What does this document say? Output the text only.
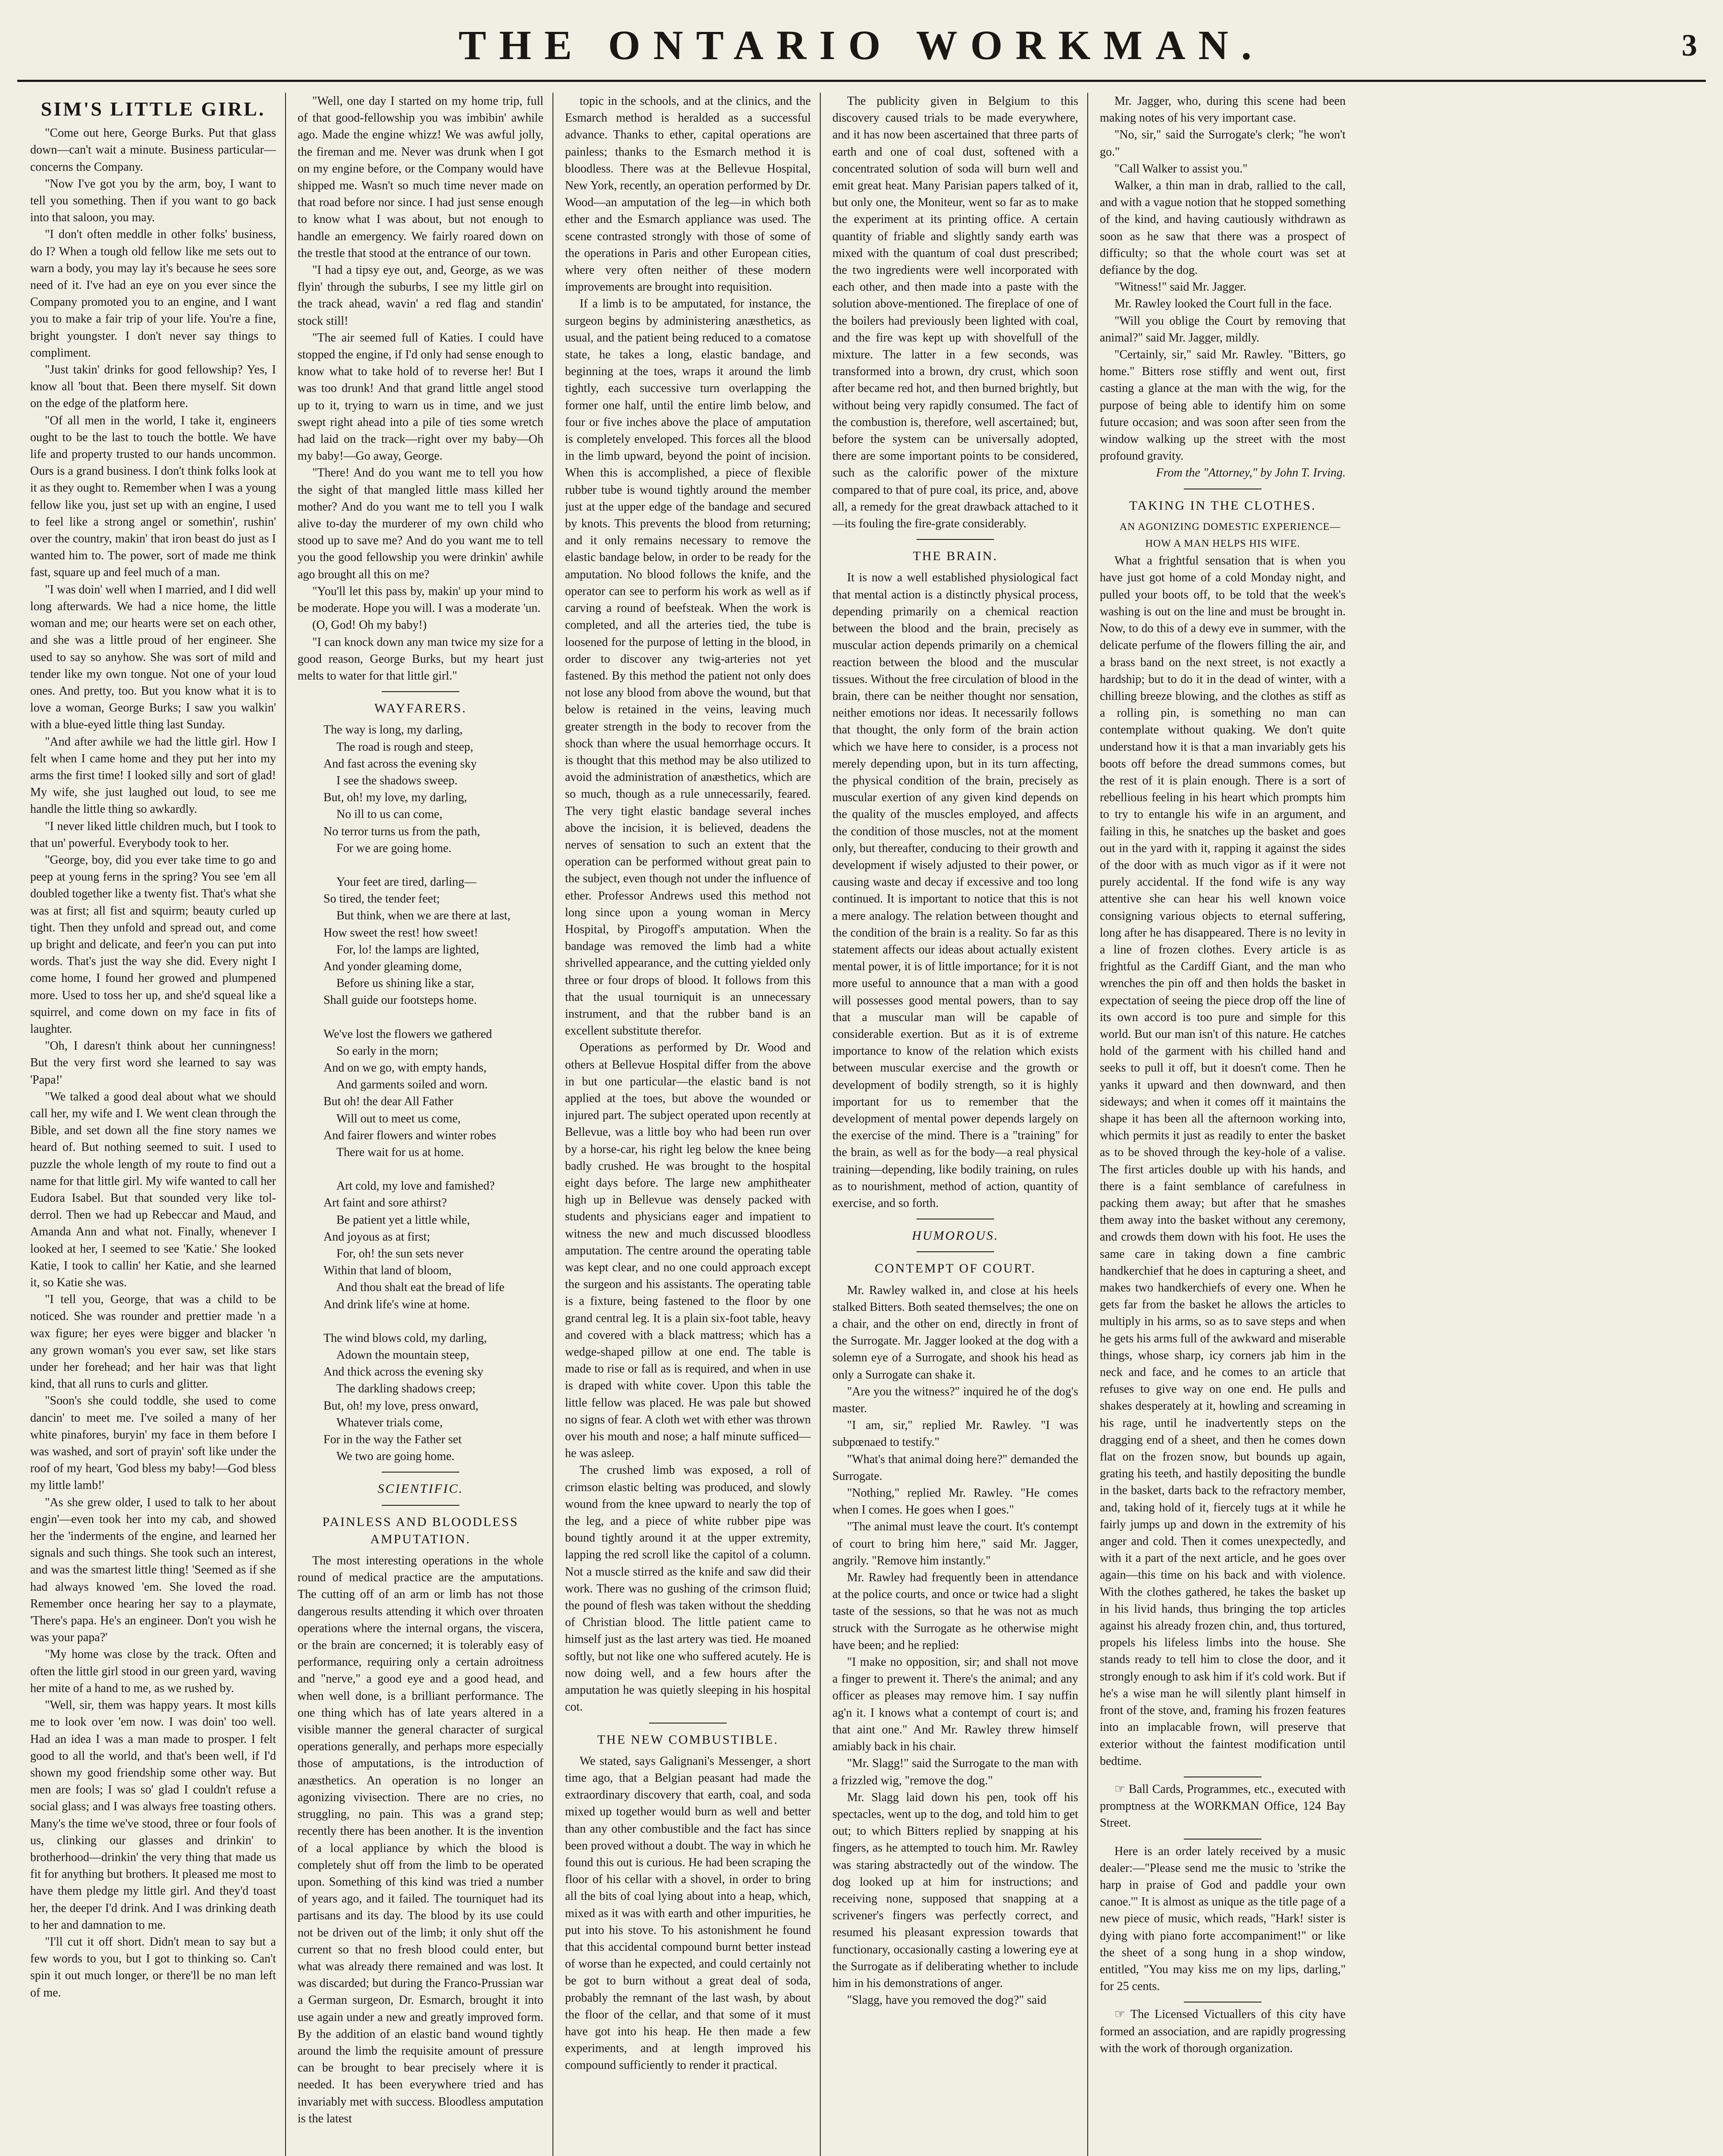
THE ONTARIO WORKMAN.	3

SIM'S LITTLE GIRL.

"Come out here, George Burks. Put that glass down—can't wait a minute. Business particular—concerns the Company.

"Now I've got you by the arm, boy, I want to tell you something. Then if you want to go back into that saloon, you may.

"I don't often meddle in other folks' business, do I? When a tough old fellow like me sets out to warn a body, you may lay it's because he sees sore need of it. I've had an eye on you ever since the Company promoted you to an engine, and I want you to make a fair trip of your life. You're a fine, bright youngster. I don't never say things to compliment.

"Just takin' drinks for good fellowship? Yes, I know all 'bout that. Been there myself. Sit down on the edge of the platform here.

"Of all men in the world, I take it, engineers ought to be the last to touch the bottle. We have life and property trusted to our hands uncommon. Ours is a grand business. I don't think folks look at it as they ought to. Remember when I was a young fellow like you, just set up with an engine, I used to feel like a strong angel or somethin', rushin' over the country, makin' that iron beast do just as I wanted him to. The power, sort of made me think fast, square up and feel much of a man.

"I was doin' well when I married, and I did well long afterwards. We had a nice home, the little woman and me; our hearts were set on each other, and she was a little proud of her engineer. She used to say so anyhow. She was sort of mild and tender like my own tongue. Not one of your loud ones. And pretty, too. But you know what it is to love a woman, George Burks; I saw you walkin' with a blue-eyed little thing last Sunday.

"And after awhile we had the little girl. How I felt when I came home and they put her into my arms the first time! I looked silly and sort of glad! My wife, she just laughed out loud, to see me handle the little thing so awkardly.

"I never liked little children much, but I took to that un' powerful. Everybody took to her.

"George, boy, did you ever take time to go and peep at young ferns in the spring? You see 'em all doubled together like a twenty fist. That's what she was at first; all fist and squirm; beauty curled up tight. Then they unfold and spread out, and come up bright and delicate, and feer'n you can put into words. That's just the way she did. Every night I come home, I found her growed and plumpened more. Used to toss her up, and she'd squeal like a squirrel, and come down on my face in fits of laughter.

"Oh, I daresn't think about her cunningness! But the very first word she learned to say was 'Papa!'

"We talked a good deal about what we should call her, my wife and I. We went clean through the Bible, and set down all the fine story names we heard of. But nothing seemed to suit. I used to puzzle the whole length of my route to find out a name for that little girl. My wife wanted to call her Eudora Isabel. But that sounded very like tol-derrol. Then we had up Rebeccar and Maud, and Amanda Ann and what not. Finally, whenever I looked at her, I seemed to see 'Katie.' She looked Katie, I took to callin' her Katie, and she learned it, so Katie she was.

"I tell you, George, that was a child to be noticed. She was rounder and prettier made 'n a wax figure; her eyes were bigger and blacker 'n any grown woman's you ever saw, set like stars under her forehead; and her hair was that light kind, that all runs to curls and glitter.

"Soon's she could toddle, she used to come dancin' to meet me. I've soiled a many of her white pinafores, buryin' my face in them before I was washed, and sort of prayin' soft like under the roof of my heart, 'God bless my baby!—God bless my little lamb!'

"As she grew older, I used to talk to her about engin'—even took her into my cab, and showed her the 'inderments of the engine, and learned her signals and such things. She took such an interest, and was the smartest little thing! 'Seemed as if she had always knowed 'em. She loved the road. Remember once hearing her say to a playmate, 'There's papa. He's an engineer. Don't you wish he was your papa?'

"My home was close by the track. Often and often the little girl stood in our green yard, waving her mite of a hand to me, as we rushed by.

"Well, sir, them was happy years. It most kills me to look over 'em now. I was doin' too well. Had an idea I was a man made to prosper. I felt good to all the world, and that's been well, if I'd shown my good friendship some other way. But men are fools; I was so' glad I couldn't refuse a social glass; and I was always free toasting others. Many's the time we've stood, three or four fools of us, clinking our glasses and drinkin' to brotherhood—drinkin' the very thing that made us fit for anything but brothers. It pleased me most to have them pledge my little girl. And they'd toast her, the deeper I'd drink. And I was drinking death to her and damnation to me.

"I'll cut it off short. Didn't mean to say but a few words to you, but I got to thinking so. Can't spin it out much longer, or there'll be no man left of me.

"Well, one day I started on my home trip, full of that good-fellowship you was imbibin' awhile ago. Made the engine whizz! We was awful jolly, the fireman and me. Never was drunk when I got on my engine before, or the Company would have shipped me. Wasn't so much time never made on that road before nor since. I had just sense enough to know what I was about, but not enough to handle an emergency. We fairly roared down on the trestle that stood at the entrance of our town.

"I had a tipsy eye out, and, George, as we was flyin' through the suburbs, I see my little girl on the track ahead, wavin' a red flag and standin' stock still!

"The air seemed full of Katies. I could have stopped the engine, if I'd only had sense enough to know what to take hold of to reverse her! But I was too drunk! And that grand little angel stood up to it, trying to warn us in time, and we just swept right ahead into a pile of ties some wretch had laid on the track—right over my baby—Oh my baby!—Go away, George.

"There! And do you want me to tell you how the sight of that mangled little mass killed her mother? And do you want me to tell you I walk alive to-day the murderer of my own child who stood up to save me? And do you want me to tell you the good fellowship you were drinkin' awhile ago brought all this on me?

"You'll let this pass by, makin' up your mind to be moderate. Hope you will. I was a moderate 'un.

(O, God! Oh my baby!)

"I can knock down any man twice my size for a good reason, George Burks, but my heart just melts to water for that little girl."

WAYFARERS.

The way is long, my darling,

The road is rough and steep,

And fast across the evening sky

I see the shadows sweep.

But, oh! my love, my darling,

No ill to us can come,

No terror turns us from the path,

For we are going home.

Your feet are tired, darling—

So tired, the tender feet;

But think, when we are there at last,

How sweet the rest! how sweet!

For, lo! the lamps are lighted,

And yonder gleaming dome,

Before us shining like a star,

Shall guide our footsteps home.

We've lost the flowers we gathered

So early in the morn;

And on we go, with empty hands,

And garments soiled and worn.

But oh! the dear All Father

Will out to meet us come,

And fairer flowers and winter robes

There wait for us at home.

Art cold, my love and famished?

Art faint and sore athirst?

Be patient yet a little while,

And joyous as at first;

For, oh! the sun sets never

Within that land of bloom,

And thou shalt eat the bread of life

And drink life's wine at home.

The wind blows cold, my darling,

Adown the mountain steep,

And thick across the evening sky

The darkling shadows creep;

But, oh! my love, press onward,

Whatever trials come,

For in the way the Father set

We two are going home.

SCIENTIFIC.

PAINLESS AND BLOODLESS AMPUTATION.

The most interesting operations in the whole round of medical practice are the amputations. The cutting off of an arm or limb has not those dangerous results attending it which over throaten operations where the internal organs, the viscera, or the brain are concerned; it is tolerably easy of performance, requiring only a certain adroitness and "nerve," a good eye and a good head, and when well done, is a brilliant performance. The one thing which has of late years altered in a visible manner the general character of surgical operations generally, and perhaps more especially those of amputations, is the introduction of anæsthetics. An operation is no longer an agonizing vivisection. There are no cries, no struggling, no pain. This was a grand step; recently there has been another. It is the invention of a local appliance by which the blood is completely shut off from the limb to be operated upon. Something of this kind was tried a number of years ago, and it failed. The tourniquet had its partisans and its day. The blood by its use could not be driven out of the limb; it only shut off the current so that no fresh blood could enter, but what was already there remained and was lost. It was discarded; but during the Franco-Prussian war a German surgeon, Dr. Esmarch, brought it into use again under a new and greatly improved form. By the addition of an elastic band wound tightly around the limb the requisite amount of pressure can be brought to bear precisely where it is needed. It has been everywhere tried and has invariably met with success. Bloodless amputation is the latest

topic in the schools, and at the clinics, and the Esmarch method is heralded as a successful advance. Thanks to ether, capital operations are painless; thanks to the Esmarch method it is bloodless. There was at the Bellevue Hospital, New York, recently, an operation performed by Dr. Wood—an amputation of the leg—in which both ether and the Esmarch appliance was used. The scene contrasted strongly with those of some of the operations in Paris and other European cities, where very often neither of these modern improvements are brought into requisition.

If a limb is to be amputated, for instance, the surgeon begins by administering anæsthetics, as usual, and the patient being reduced to a comatose state, he takes a long, elastic bandage, and beginning at the toes, wraps it around the limb tightly, each successive turn overlapping the former one half, until the entire limb below, and four or five inches above the place of amputation is completely enveloped. This forces all the blood in the limb upward, beyond the point of incision. When this is accomplished, a piece of flexible rubber tube is wound tightly around the member just at the upper edge of the bandage and secured by knots. This prevents the blood from returning; and it only remains necessary to remove the elastic bandage below, in order to be ready for the amputation. No blood follows the knife, and the operator can see to perform his work as well as if carving a round of beefsteak. When the work is completed, and all the arteries tied, the tube is loosened for the purpose of letting in the blood, in order to discover any twig-arteries not yet fastened. By this method the patient not only does not lose any blood from above the wound, but that below is retained in the veins, leaving much greater strength in the body to recover from the shock than where the usual hemorrhage occurs. It is thought that this method may be also utilized to avoid the administration of anæsthetics, which are so much, though as a rule unnecessarily, feared. The very tight elastic bandage several inches above the incision, it is believed, deadens the nerves of sensation to such an extent that the operation can be performed without great pain to the subject, even though not under the influence of ether. Professor Andrews used this method not long since upon a young woman in Mercy Hospital, by Pirogoff's amputation. When the bandage was removed the limb had a white shrivelled appearance, and the cutting yielded only three or four drops of blood. It follows from this that the usual tourniquit is an unnecessary instrument, and that the rubber band is an excellent substitute therefor.

Operations as performed by Dr. Wood and others at Bellevue Hospital differ from the above in but one particular—the elastic band is not applied at the toes, but above the wounded or injured part. The subject operated upon recently at Bellevue, was a little boy who had been run over by a horse-car, his right leg below the knee being badly crushed. He was brought to the hospital eight days before. The large new amphitheater high up in Bellevue was densely packed with students and physicians eager and impatient to witness the new and much discussed bloodless amputation. The centre around the operating table was kept clear, and no one could approach except the surgeon and his assistants. The operating table is a fixture, being fastened to the floor by one grand central leg. It is a plain six-foot table, heavy and covered with a black mattress; which has a wedge-shaped pillow at one end. The table is made to rise or fall as is required, and when in use is draped with white cover. Upon this table the little fellow was placed. He was pale but showed no signs of fear. A cloth wet with ether was thrown over his mouth and nose; a half minute sufficed—he was asleep.

The crushed limb was exposed, a roll of crimson elastic belting was produced, and slowly wound from the knee upward to nearly the top of the leg, and a piece of white rubber pipe was bound tightly around it at the upper extremity, lapping the red scroll like the capitol of a column. Not a muscle stirred as the knife and saw did their work. There was no gushing of the crimson fluid; the pound of flesh was taken without the shedding of Christian blood. The little patient came to himself just as the last artery was tied. He moaned softly, but not like one who suffered acutely. He is now doing well, and a few hours after the amputation he was quietly sleeping in his hospital cot.

THE NEW COMBUSTIBLE.

We stated, says Galignani's Messenger, a short time ago, that a Belgian peasant had made the extraordinary discovery that earth, coal, and soda mixed up together would burn as well and better than any other combustible and the fact has since been proved without a doubt. The way in which he found this out is curious. He had been scraping the floor of his cellar with a shovel, in order to bring all the bits of coal lying about into a heap, which, mixed as it was with earth and other impurities, he put into his stove. To his astonishment he found that this accidental compound burnt better instead of worse than he expected, and could certainly not be got to burn without a great deal of soda, probably the remnant of the last wash, by about the floor of the cellar, and that some of it must have got into his heap. He then made a few experiments, and at length improved his compound sufficiently to render it practical.

The publicity given in Belgium to this discovery caused trials to be made everywhere, and it has now been ascertained that three parts of earth and one of coal dust, softened with a concentrated solution of soda will burn well and emit great heat. Many Parisian papers talked of it, but only one, the Moniteur, went so far as to make the experiment at its printing office. A certain quantity of friable and slightly sandy earth was mixed with the quantum of coal dust prescribed; the two ingredients were well incorporated with each other, and then made into a paste with the solution above-mentioned. The fireplace of one of the boilers had previously been lighted with coal, and the fire was kept up with shovelfull of the mixture. The latter in a few seconds, was transformed into a brown, dry crust, which soon after became red hot, and then burned brightly, but without being very rapidly consumed. The fact of the combustion is, therefore, well ascertained; but, before the system can be universally adopted, there are some important points to be considered, such as the calorific power of the mixture compared to that of pure coal, its price, and, above all, a remedy for the great drawback attached to it—its fouling the fire-grate considerably.

THE BRAIN.

It is now a well established physiological fact that mental action is a distinctly physical process, depending primarily on a chemical reaction between the blood and the brain, precisely as muscular action depends primarily on a chemical reaction between the blood and the muscular tissues. Without the free circulation of blood in the brain, there can be neither thought nor sensation, neither emotions nor ideas. It necessarily follows that thought, the only form of the brain action which we have here to consider, is a process not merely depending upon, but in its turn affecting, the physical condition of the brain, precisely as muscular exertion of any given kind depends on the quality of the muscles employed, and affects the condition of those muscles, not at the moment only, but thereafter, conducing to their growth and development if wisely adjusted to their power, or causing waste and decay if excessive and too long continued. It is important to notice that this is not a mere analogy. The relation between thought and the condition of the brain is a reality. So far as this statement affects our ideas about actually existent mental power, it is of little importance; for it is not more useful to announce that a man with a good will possesses good mental powers, than to say that a muscular man will be capable of considerable exertion. But as it is of extreme importance to know of the relation which exists between muscular exercise and the growth or development of bodily strength, so it is highly important for us to remember that the development of mental power depends largely on the exercise of the mind. There is a "training" for the brain, as well as for the body—a real physical training—depending, like bodily training, on rules as to nourishment, method of action, quantity of exercise, and so forth.

HUMOROUS.

CONTEMPT OF COURT.

Mr. Rawley walked in, and close at his heels stalked Bitters. Both seated themselves; the one on a chair, and the other on end, directly in front of the Surrogate. Mr. Jagger looked at the dog with a solemn eye of a Surrogate, and shook his head as only a Surrogate can shake it.

"Are you the witness?" inquired he of the dog's master.

"I am, sir," replied Mr. Rawley. "I was subpœnaed to testify."

"What's that animal doing here?" demanded the Surrogate.

"Nothing," replied Mr. Rawley. "He comes when I comes. He goes when I goes."

"The animal must leave the court. It's contempt of court to bring him here," said Mr. Jagger, angrily. "Remove him instantly."

Mr. Rawley had frequently been in attendance at the police courts, and once or twice had a slight taste of the sessions, so that he was not as much struck with the Surrogate as he otherwise might have been; and he replied:

"I make no opposition, sir; and shall not move a finger to prewent it. There's the animal; and any officer as pleases may remove him. I say nuffin ag'n it. I knows what a contempt of court is; and that aint one." And Mr. Rawley threw himself amiably back in his chair.

"Mr. Slagg!" said the Surrogate to the man with a frizzled wig, "remove the dog."

Mr. Slagg laid down his pen, took off his spectacles, went up to the dog, and told him to get out; to which Bitters replied by snapping at his fingers, as he attempted to touch him. Mr. Rawley was staring abstractedly out of the window. The dog looked up at him for instructions; and receiving none, supposed that snapping at a scrivener's fingers was perfectly correct, and resumed his pleasant expression towards that functionary, occasionally casting a lowering eye at the Surrogate as if deliberating whether to include him in his demonstrations of anger.

"Slagg, have you removed the dog?" said

Mr. Jagger, who, during this scene had been making notes of his very important case.

"No, sir," said the Surrogate's clerk; "he won't go."

"Call Walker to assist you."

Walker, a thin man in drab, rallied to the call, and with a vague notion that he stopped something of the kind, and having cautiously withdrawn as soon as he saw that there was a prospect of difficulty; so that the whole court was set at defiance by the dog.

"Witness!" said Mr. Jagger.

Mr. Rawley looked the Court full in the face.

"Will you oblige the Court by removing that animal?" said Mr. Jagger, mildly.

"Certainly, sir," said Mr. Rawley. "Bitters, go home." Bitters rose stiffly and went out, first casting a glance at the man with the wig, for the purpose of being able to identify him on some future occasion; and was soon after seen from the window walking up the street with the most profound gravity.

From the "Attorney," by John T. Irving.

TAKING IN THE CLOTHES.

AN AGONIZING DOMESTIC EXPERIENCE—HOW A MAN HELPS HIS WIFE.

What a frightful sensation that is when you have just got home of a cold Monday night, and pulled your boots off, to be told that the week's washing is out on the line and must be brought in. Now, to do this of a dewy eve in summer, with the delicate perfume of the flowers filling the air, and a brass band on the next street, is not exactly a hardship; but to do it in the dead of winter, with a chilling breeze blowing, and the clothes as stiff as a rolling pin, is something no man can contemplate without quaking. We don't quite understand how it is that a man invariably gets his boots off before the dread summons comes, but the rest of it is plain enough. There is a sort of rebellious feeling in his heart which prompts him to try to entangle his wife in an argument, and failing in this, he snatches up the basket and goes out in the yard with it, rapping it against the sides of the door with as much vigor as if it were not purely accidental. If the fond wife is any way attentive she can hear his well known voice consigning various objects to eternal suffering, long after he has disappeared. There is no levity in a line of frozen clothes. Every article is as frightful as the Cardiff Giant, and the man who wrenches the pin off and then holds the basket in expectation of seeing the piece drop off the line of its own accord is too pure and simple for this world. But our man isn't of this nature. He catches hold of the garment with his chilled hand and seeks to pull it off, but it doesn't come. Then he yanks it upward and then downward, and then sideways; and when it comes off it maintains the shape it has been all the afternoon working into, which permits it just as readily to enter the basket as to be shoved through the key-hole of a valise. The first articles double up with his hands, and there is a faint semblance of carefulness in packing them away; but after that he smashes them away into the basket without any ceremony, and crowds them down with his foot. He uses the same care in taking down a fine cambric handkerchief that he does in capturing a sheet, and makes two handkerchiefs of every one. When he gets far from the basket he allows the articles to multiply in his arms, so as to save steps and when he gets his arms full of the awkward and miserable things, whose sharp, icy corners jab him in the neck and face, and he comes to an article that refuses to give way on one end. He pulls and shakes desperately at it, howling and screaming in his rage, until he inadvertently steps on the dragging end of a sheet, and then he comes down flat on the frozen snow, but bounds up again, grating his teeth, and hastily depositing the bundle in the basket, darts back to the refractory member, and, taking hold of it, fiercely tugs at it while he fairly jumps up and down in the extremity of his anger and cold. Then it comes unexpectedly, and with it a part of the next article, and he goes over again—this time on his back and with violence. With the clothes gathered, he takes the basket up in his livid hands, thus bringing the top articles against his already frozen chin, and, thus tortured, propels his lifeless limbs into the house. She stands ready to tell him to close the door, and it strongly enough to ask him if it's cold work. But if he's a wise man he will silently plant himself in front of the stove, and, framing his frozen features into an implacable frown, will preserve that exterior without the faintest modification until bedtime.

☞ Ball Cards, Programmes, etc., executed with promptness at the WORKMAN Office, 124 Bay Street.

Here is an order lately received by a music dealer:—"Please send me the music to 'strike the harp in praise of God and paddle your own canoe.'" It is almost as unique as the title page of a new piece of music, which reads, "Hark! sister is dying with piano forte accompaniment!" or like the sheet of a song hung in a shop window, entitled, "You may kiss me on my lips, darling," for 25 cents.

☞ The Licensed Victuallers of this city have formed an association, and are rapidly progressing with the work of thorough organization.
